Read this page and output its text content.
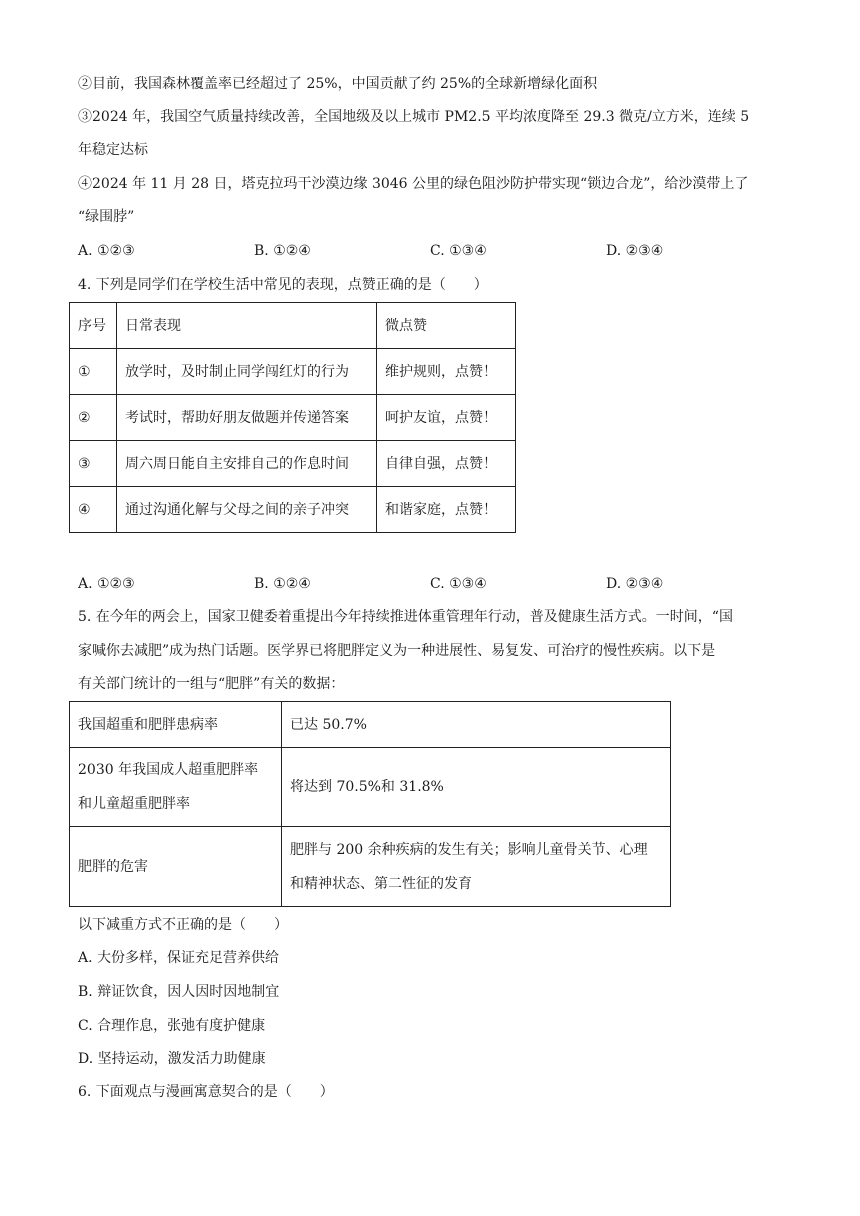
②目前，我国森林覆盖率已经超过了 25%，中国贡献了约 25%的全球新增绿化面积
③2024 年，我国空气质量持续改善，全国地级及以上城市 PM2.5 平均浓度降至 29.3 微克/立方米，连续 5
年稳定达标
④2024 年 11 月 28 日，塔克拉玛干沙漠边缘 3046 公里的绿色阻沙防护带实现“锁边合龙”，给沙漠带上了
“绿围脖”
A. ①②③	B. ①②④	C. ①③④	D. ②③④
4. 下列是同学们在学校生活中常见的表现，点赞正确的是（　　）
序号	日常表现	微点赞
①	放学时，及时制止同学闯红灯的行为	维护规则，点赞！
②	考试时，帮助好朋友做题并传递答案	呵护友谊，点赞！
③	周六周日能自主安排自己的作息时间	自律自强，点赞！
④	通过沟通化解与父母之间的亲子冲突	和谐家庭，点赞！
A. ①②③	B. ①②④	C. ①③④	D. ②③④
5. 在今年的两会上，国家卫健委着重提出今年持续推进体重管理年行动，普及健康生活方式。一时间，“国
家喊你去减肥”成为热门话题。医学界已将肥胖定义为一种进展性、易复发、可治疗的慢性疾病。以下是
有关部门统计的一组与“肥胖”有关的数据：
我国超重和肥胖患病率	已达 50.7%

2030 年我国成人超重肥胖率
和儿童超重肥胖率	将达到 70.5%和 31.8%
肥胖的危害	肥胖与 200 余种疾病的发生有关；影响儿童骨关节、心理
和精神状态、第二性征的发育
以下减重方式不正确的是（　　）
A. 大份多样，保证充足营养供给
B. 辩证饮食，因人因时因地制宜
C. 合理作息，张弛有度护健康
D. 坚持运动，激发活力助健康
6. 下面观点与漫画寓意契合的是（　　）
